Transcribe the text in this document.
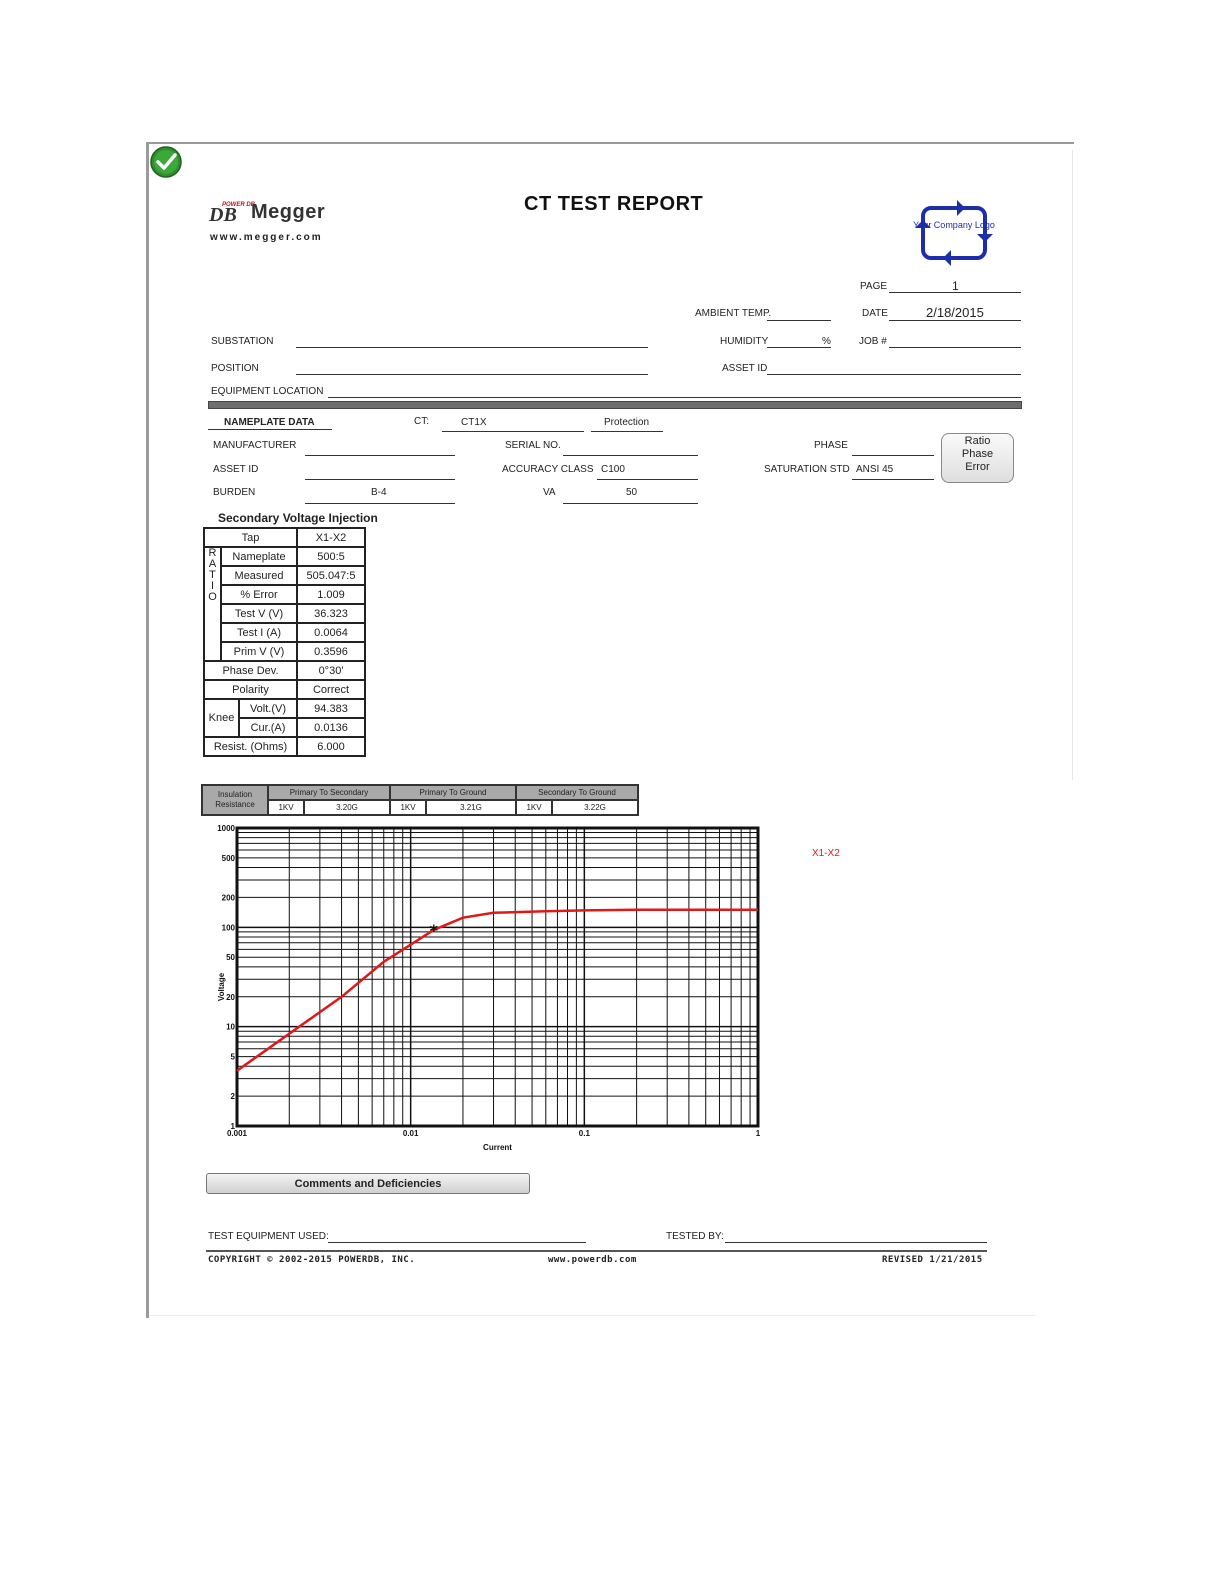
POWER DB
DB Megger
www.megger.com
CT TEST REPORT
Your Company Logo
PAGE	1
AMBIENT TEMP.	DATE	2/18/2015
SUBSTATION	HUMIDITY	%	JOB #
POSITION	ASSET ID
EQUIPMENT LOCATION
NAMEPLATE DATA	CT:	CT1X	Protection
MANUFACTURER	SERIAL NO.	PHASE
ASSET ID	ACCURACY CLASS C100	SATURATION STD ANSI 45
BURDEN	B-4	VA	50
Ratio
Phase
Error
Secondary Voltage Injection
Tap			X1-X2

R
A
T
I
O	Nameplate		500:5
	Measured		505.047:5
	% Error		1.009
	Test V (V)		36.323
	Test I (A)		0.0064
	Prim V (V)		0.3596
Phase Dev.			0°30'
Polarity			Correct
Knee		Volt.(V)	94.383
		Cur.(A)	0.0136
Resist. (Ohms)			6.000
Insulation
Resistance	Primary To Secondary		Primary To Ground		Secondary To Ground	
	1KV	3.20G	1KV	3.21G	1KV	3.22G
0.001	0.01	0.1	1
1000
500
200
100
50
20
10
5
2
1
Current
Voltage
*
X1-X2
Comments and Deficiencies
TEST EQUIPMENT USED:	TESTED BY:
COPYRIGHT © 2002-2015 POWERDB, INC.	www.powerdb.com	REVISED 1/21/2015
